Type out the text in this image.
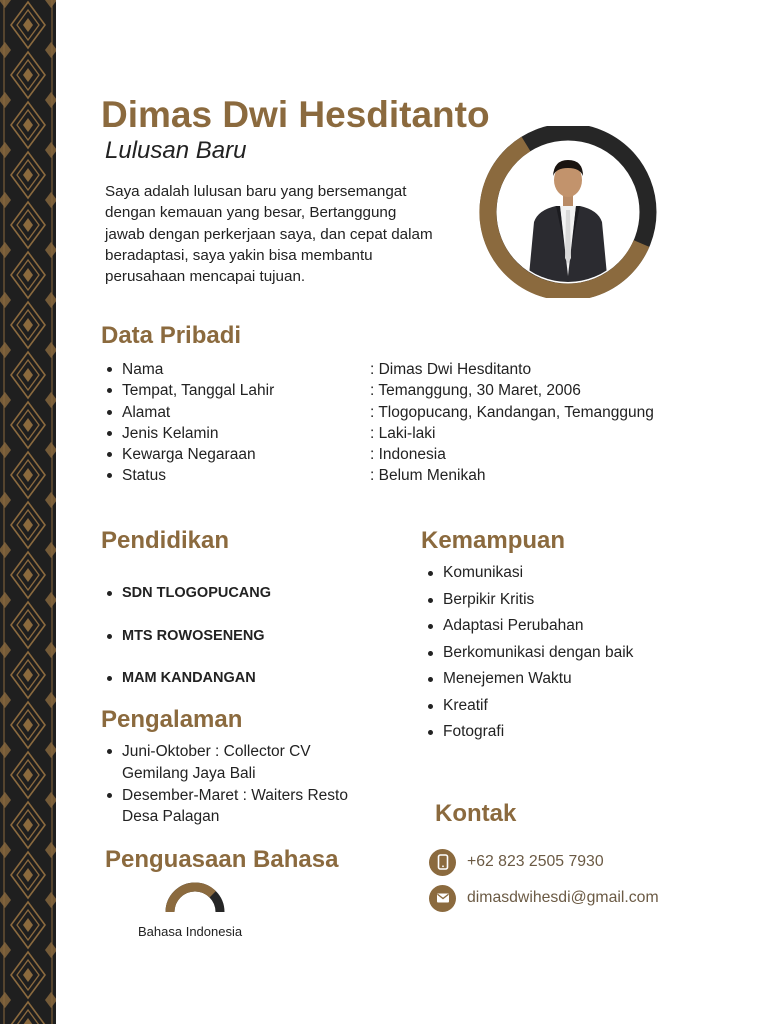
Dimas Dwi Hesditanto
Lulusan Baru
Saya adalah lulusan baru yang bersemangat dengan kemauan yang besar, Bertanggung jawab dengan perkerjaan saya, dan cepat dalam beradaptasi, saya yakin bisa membantu perusahaan mencapai tujuan.
Data Pribadi
Nama	: Dimas Dwi Hesditanto
Tempat, Tanggal Lahir	: Temanggung, 30 Maret, 2006
Alamat	: Tlogopucang, Kandangan, Temanggung
Jenis Kelamin	: Laki-laki
Kewarga Negaraan	: Indonesia
Status	: Belum Menikah
Pendidikan
SDN TLOGOPUCANG
MTS ROWOSENENG
MAM KANDANGAN
Pengalaman
Juni-Oktober : Collector CV Gemilang Jaya Bali
Desember-Maret : Waiters Resto Desa Palagan
Kemampuan
Komunikasi
Berpikir Kritis
Adaptasi Perubahan
Berkomunikasi dengan baik
Menejemen Waktu
Kreatif
Fotografi
Kontak
+62 823 2505 7930
dimasdwihesdi@gmail.com
Penguasaan Bahasa
Bahasa Indonesia
